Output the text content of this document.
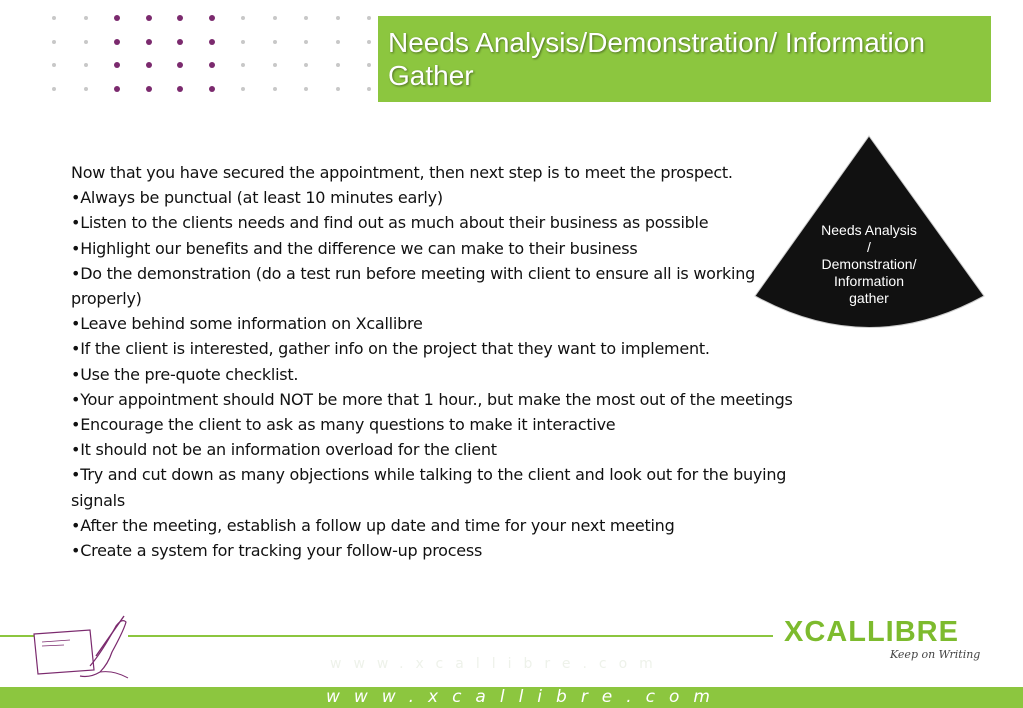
Needs Analysis/Demonstration/ Information Gather

Now that you have secured the appointment, then next step is to meet the prospect.

•Always be punctual (at least 10 minutes early)

•Listen to the clients needs and find out as much about their business as possible

•Highlight our benefits and the difference we can make to their business

•Do the demonstration (do a test run before meeting with client to ensure all is working properly)

•Leave behind some information on Xcallibre

•If the client is interested, gather info on the project that they want to implement.

•Use the pre-quote checklist.

•Your appointment should NOT be more that 1 hour., but make the most out of the meetings

•Encourage the client to ask as many questions to make it interactive

•It should not be an information overload for the client

•Try and cut down as many objections while talking to the client and look out for the buying signals

•After the meeting, establish a follow up date and time for your next meeting

•Create a system for tracking your follow-up process

Needs Analysis
/
Demonstration/
Information
gather
XCALLIBRE
Keep on Writing
www.xcallibre.com
www.xcallibre.com
